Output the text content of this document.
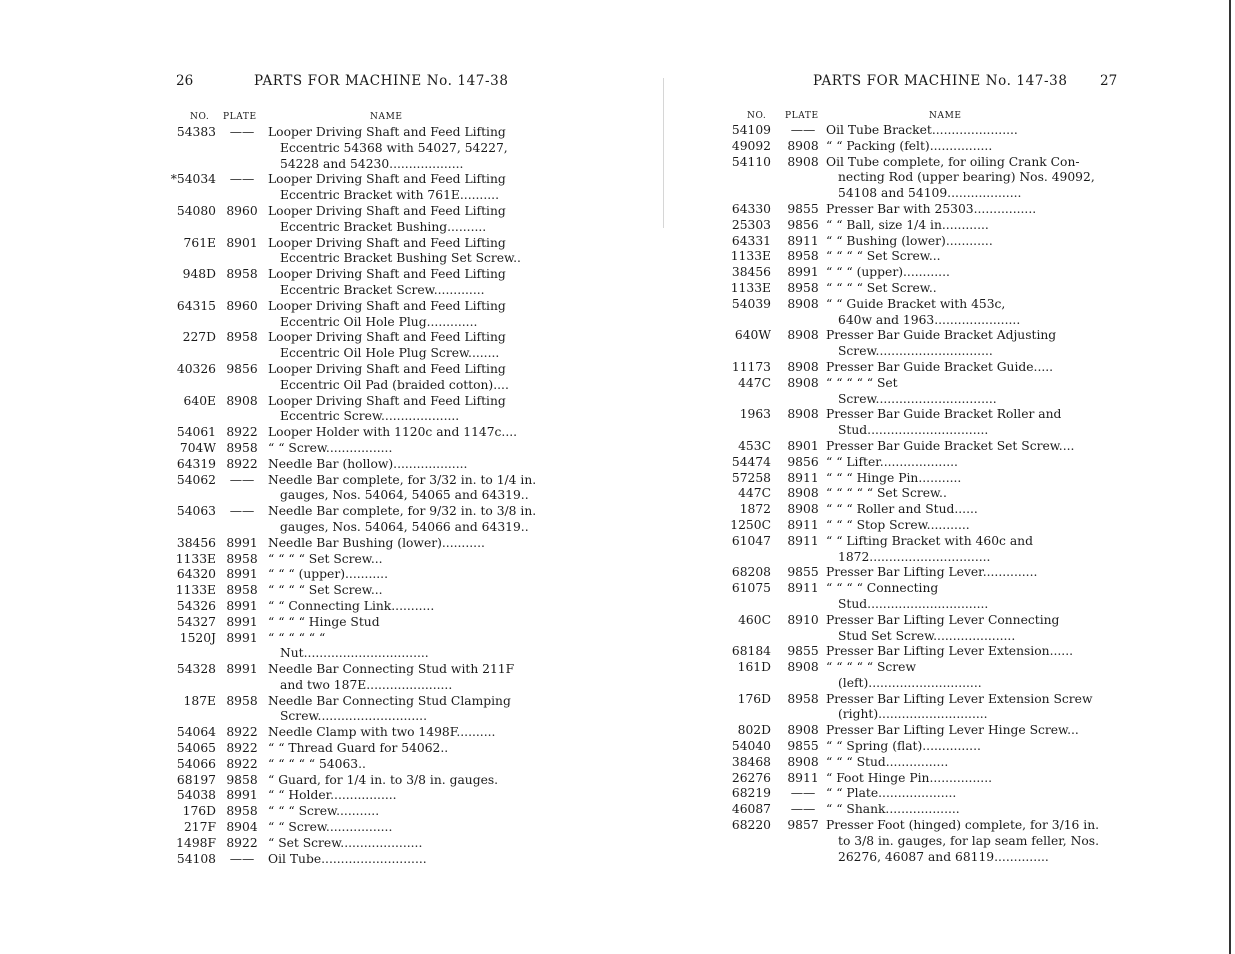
26	PARTS FOR MACHINE No. 147-38
NO. PLATE	NAME
54383	——	Looper Driving Shaft and Feed Lifting
Eccentric 54368 with 54027, 54227,
54228 and 54230...................
*54034	——	Looper Driving Shaft and Feed Lifting
Eccentric Bracket with 761E..........
54080 8960 Looper Driving Shaft and Feed Lifting
Eccentric Bracket Bushing..........
761E 8901 Looper Driving Shaft and Feed Lifting
Eccentric Bracket Bushing Set Screw..
948D 8958 Looper Driving Shaft and Feed Lifting
Eccentric Bracket Screw.............
64315 8960 Looper Driving Shaft and Feed Lifting
Eccentric Oil Hole Plug.............
227D 8958 Looper Driving Shaft and Feed Lifting
Eccentric Oil Hole Plug Screw........
40326 9856 Looper Driving Shaft and Feed Lifting
Eccentric Oil Pad (braided cotton)....
640E 8908 Looper Driving Shaft and Feed Lifting
Eccentric Screw....................
54061 8922 Looper Holder with 1120c and 1147c....
704W 8958 “ “ Screw.................
64319 8922 Needle Bar (hollow)...................
54062	——	Needle Bar complete, for 3/32 in. to 1/4 in.
gauges, Nos. 54064, 54065 and 64319..
54063	——	Needle Bar complete, for 9/32 in. to 3/8 in.
gauges, Nos. 54064, 54066 and 64319..
38456 8991 Needle Bar Bushing (lower)...........
1133E 8958 “ “ “ “ Set Screw...
64320 8991 “ “ “ (upper)...........
1133E 8958 “ “ “ “ Set Screw...
54326 8991 “ “ Connecting Link...........
54327 8991 “ “ “ “ Hinge Stud
1520J 8991 “ “ “ “ “ “
Nut................................
54328 8991 Needle Bar Connecting Stud with 211F
and two 187E......................
187E 8958 Needle Bar Connecting Stud Clamping
Screw............................
54064 8922 Needle Clamp with two 1498F..........
54065 8922 “ “ Thread Guard for 54062..
54066 8922 “ “ “ “ “ 54063..
68197 9858 “ Guard, for 1/4 in. to 3/8 in. gauges.
54038 8991 “ “ Holder.................
176D 8958 “ “ “ Screw...........
217F 8904 “ “ Screw.................
1498F 8922 “ Set Screw.....................
54108	——	Oil Tube...........................
PARTS FOR MACHINE No. 147-38 27
NO. PLATE	NAME
54109	—— Oil Tube Bracket......................
49092	8908 “ “ Packing (felt)................
54110	8908 Oil Tube complete, for oiling Crank Con-
necting Rod (upper bearing) Nos. 49092,
54108 and 54109...................
64330	9855 Presser Bar with 25303................
25303	9856 “ “ Ball, size 1/4 in............
64331	8911 “ “ Bushing (lower)............
1133E	8958 “ “ “ “ Set Screw...
38456	8991 “ “ “ (upper)............
1133E	8958 “ “ “ “ Set Screw..
54039	8908 “ “ Guide Bracket with 453c,
640w and 1963......................
640W	8908 Presser Bar Guide Bracket Adjusting
Screw..............................
11173	8908 Presser Bar Guide Bracket Guide.....
447C	8908 “ “ “ “ “ Set
Screw...............................
1963	8908 Presser Bar Guide Bracket Roller and
Stud...............................
453C	8901 Presser Bar Guide Bracket Set Screw....
54474	9856 “ “ Lifter....................
57258	8911 “ “ “ Hinge Pin...........
447C	8908 “ “ “ “ “ Set Screw..
1872	8908 “ “ “ Roller and Stud......
1250C	8911 “ “ “ Stop Screw...........
61047	8911 “ “ Lifting Bracket with 460c and
1872...............................
68208	9855 Presser Bar Lifting Lever..............
61075	8911 “ “ “ “ Connecting
Stud...............................
460C	8910 Presser Bar Lifting Lever Connecting
Stud Set Screw.....................
68184	9855 Presser Bar Lifting Lever Extension......
161D	8908 “ “ “ “ “ Screw
(left).............................
176D	8958 Presser Bar Lifting Lever Extension Screw
(right)............................
802D	8908 Presser Bar Lifting Lever Hinge Screw...
54040	9855 “ “ Spring (flat)...............
38468	8908 “ “ “ Stud................
26276	8911 “ Foot Hinge Pin................
68219	—— “ “ Plate....................
46087	—— “ “ Shank...................
68220	9857 Presser Foot (hinged) complete, for 3/16 in.
to 3/8 in. gauges, for lap seam feller, Nos.
26276, 46087 and 68119..............
